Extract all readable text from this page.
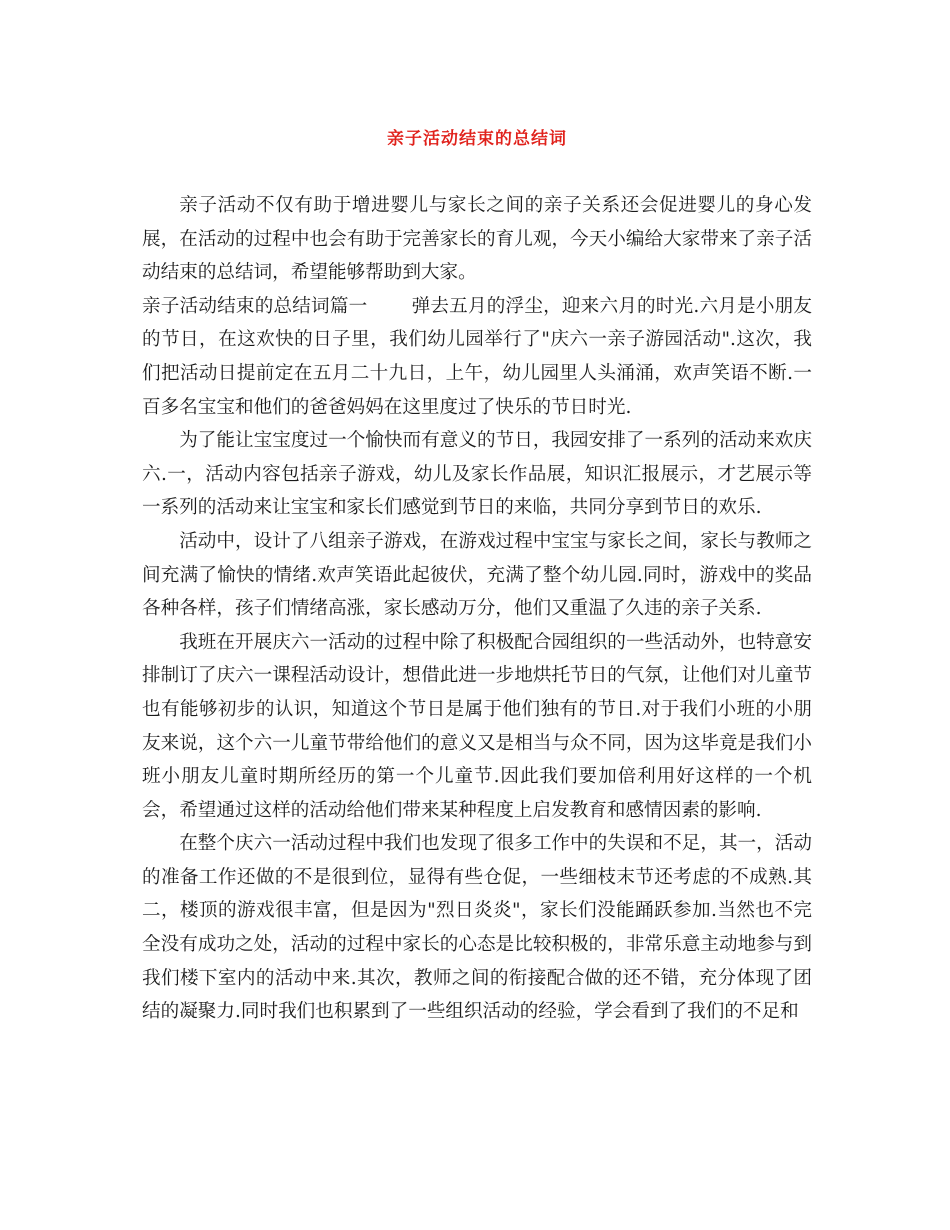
亲子活动结束的总结词

亲子活动不仅有助于增进婴儿与家长之间的亲子关系还会促进婴儿的身心发展，在活动的过程中也会有助于完善家长的育儿观，今天小编给大家带来了亲子活动结束的总结词，希望能够帮助到大家。

亲子活动结束的总结词篇一 弹去五月的浮尘，迎来六月的时光.六月是小朋友的节日，在这欢快的日子里，我们幼儿园举行了"庆六一亲子游园活动".这次，我们把活动日提前定在五月二十九日，上午，幼儿园里人头涌涌，欢声笑语不断.一百多名宝宝和他们的爸爸妈妈在这里度过了快乐的节日时光.

为了能让宝宝度过一个愉快而有意义的节日，我园安排了一系列的活动来欢庆六.一，活动内容包括亲子游戏，幼儿及家长作品展，知识汇报展示，才艺展示等一系列的活动来让宝宝和家长们感觉到节日的来临，共同分享到节日的欢乐.

活动中，设计了八组亲子游戏，在游戏过程中宝宝与家长之间，家长与教师之间充满了愉快的情绪.欢声笑语此起彼伏，充满了整个幼儿园.同时，游戏中的奖品各种各样，孩子们情绪高涨，家长感动万分，他们又重温了久违的亲子关系.

我班在开展庆六一活动的过程中除了积极配合园组织的一些活动外，也特意安排制订了庆六一课程活动设计，想借此进一步地烘托节日的气氛，让他们对儿童节也有能够初步的认识，知道这个节日是属于他们独有的节日.对于我们小班的小朋友来说，这个六一儿童节带给他们的意义又是相当与众不同，因为这毕竟是我们小班小朋友儿童时期所经历的第一个儿童节.因此我们要加倍利用好这样的一个机会，希望通过这样的活动给他们带来某种程度上启发教育和感情因素的影响.

在整个庆六一活动过程中我们也发现了很多工作中的失误和不足，其一，活动的准备工作还做的不是很到位，显得有些仓促，一些细枝末节还考虑的不成熟.其二，楼顶的游戏很丰富，但是因为"烈日炎炎"，家长们没能踊跃参加.当然也不完全没有成功之处，活动的过程中家长的心态是比较积极的，非常乐意主动地参与到我们楼下室内的活动中来.其次，教师之间的衔接配合做的还不错，充分体现了团结的凝聚力.同时我们也积累到了一些组织活动的经验，学会看到了我们的不足和
